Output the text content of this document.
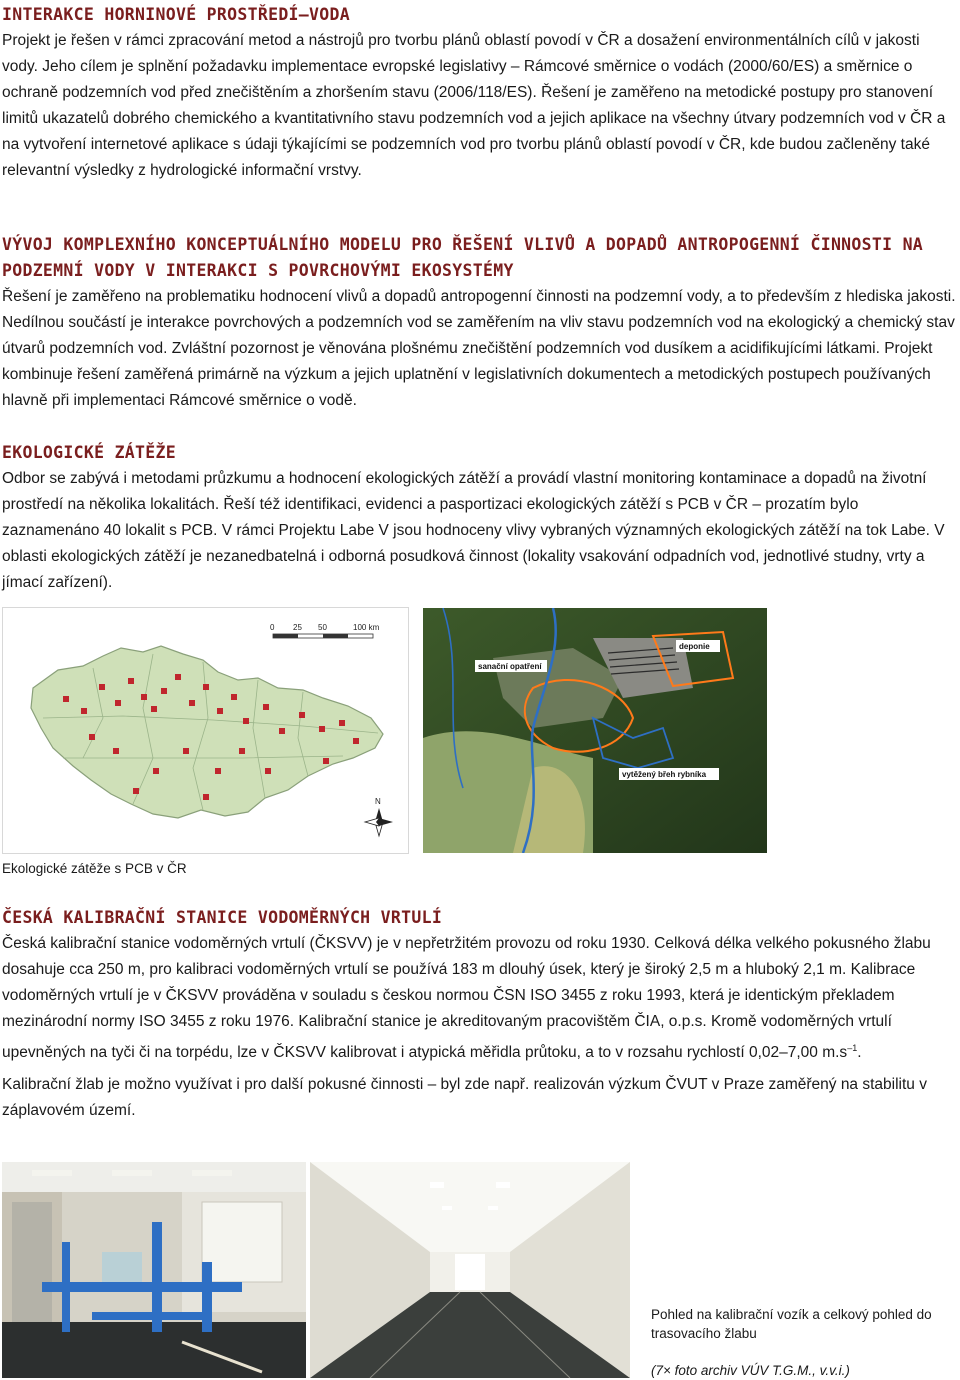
INTERAKCE HORNINOVÉ PROSTŘEDÍ–VODA

Projekt je řešen v rámci zpracování metod a nástrojů pro tvorbu plánů oblastí povodí v ČR a dosažení environmentálních cílů v jakosti vody. Jeho cílem je splnění požadavku implementace evropské legislativy – Rámcové směrnice o vodách (2000/60/ES) a směrnice o ochraně podzemních vod před znečištěním a zhoršením stavu (2006/118/ES). Řešení je zaměřeno na metodické postupy pro stanovení limitů ukazatelů dobrého chemického a kvantitativního stavu podzemních vod a jejich aplikace na všechny útvary podzemních vod v ČR a na vytvoření internetové aplikace s údaji týkajícími se podzemních vod pro tvorbu plánů oblastí povodí v ČR, kde budou začleněny také relevantní výsledky z hydrologické informační vrstvy.

VÝVOJ KOMPLEXNÍHO KONCEPTUÁLNÍHO MODELU PRO ŘEŠENÍ VLIVŮ A DOPADŮ ANTROPOGENNÍ ČINNOSTI NA PODZEMNÍ VODY V INTERAKCI S POVRCHOVÝMI EKOSYSTÉMY

Řešení je zaměřeno na problematiku hodnocení vlivů a dopadů antropogenní činnosti na podzemní vody, a to především z hlediska jakosti. Nedílnou součástí je interakce povrchových a podzemních vod se zaměřením na vliv stavu podzemních vod na ekologický a chemický stav útvarů podzemních vod. Zvláštní pozornost je věnována plošnému znečištění podzemních vod dusíkem a acidifikujícími látkami. Projekt kombinuje řešení zaměřená primárně na výzkum a jejich uplatnění v legislativních dokumentech a metodických postupech používaných hlavně při implementaci Rámcové směrnice o vodě.

EKOLOGICKÉ ZÁTĚŽE

Odbor se zabývá i metodami průzkumu a hodnocení ekologických zátěží a provádí vlastní monitoring kontaminace a dopadů na životní prostředí na několika lokalitách. Řeší též identifikaci, evidenci a pasportizaci ekologických zátěží s PCB v ČR – prozatím bylo zaznamenáno 40 lokalit s PCB. V rámci Projektu Labe V jsou hodnoceny vlivy vybraných významných ekologických zátěží na tok Labe. V oblasti ekologických zátěží je nezanedbatelná i odborná posudková činnost (lokality vsakování odpadních vod, jednotlivé studny, vrty a jímací zařízení).

0 25 50	100 km
N
deponie
sanační opatření
vytěžený břeh rybníka
Ekologické zátěže s PCB v ČR
ČESKÁ KALIBRAČNÍ STANICE VODOMĚRNÝCH VRTULÍ

Česká kalibrační stanice vodoměrných vrtulí (ČKSVV) je v nepřetržitém provozu od roku 1930. Celková délka velkého pokusného žlabu dosahuje cca 250 m, pro kalibraci vodoměrných vrtulí se používá 183 m dlouhý úsek, který je široký 2,5 m a hluboký 2,1 m. Kalibrace vodoměrných vrtulí je v ČKSVV prováděna v souladu s českou normou ČSN ISO 3455 z roku 1993, která je identickým překladem mezinárodní normy ISO 3455 z roku 1976. Kalibrační stanice je akreditovaným pracovištěm ČIA, o.p.s. Kromě vodoměrných vrtulí upevněných na tyči či na torpédu, lze v ČKSVV kalibrovat i atypická měřidla průtoku, a to v rozsahu rychlostí 0,02–7,00 $m.s^{-1}$.

Kalibrační žlab je možno využívat i pro další pokusné činnosti – byl zde např. realizován výzkum ČVUT v Praze zaměřený na stabilitu v záplavovém území.

Pohled na kalibrační vozík a celkový pohled do trasovacího žlabu
(7× foto archiv VÚV T.G.M., v.v.i.)
